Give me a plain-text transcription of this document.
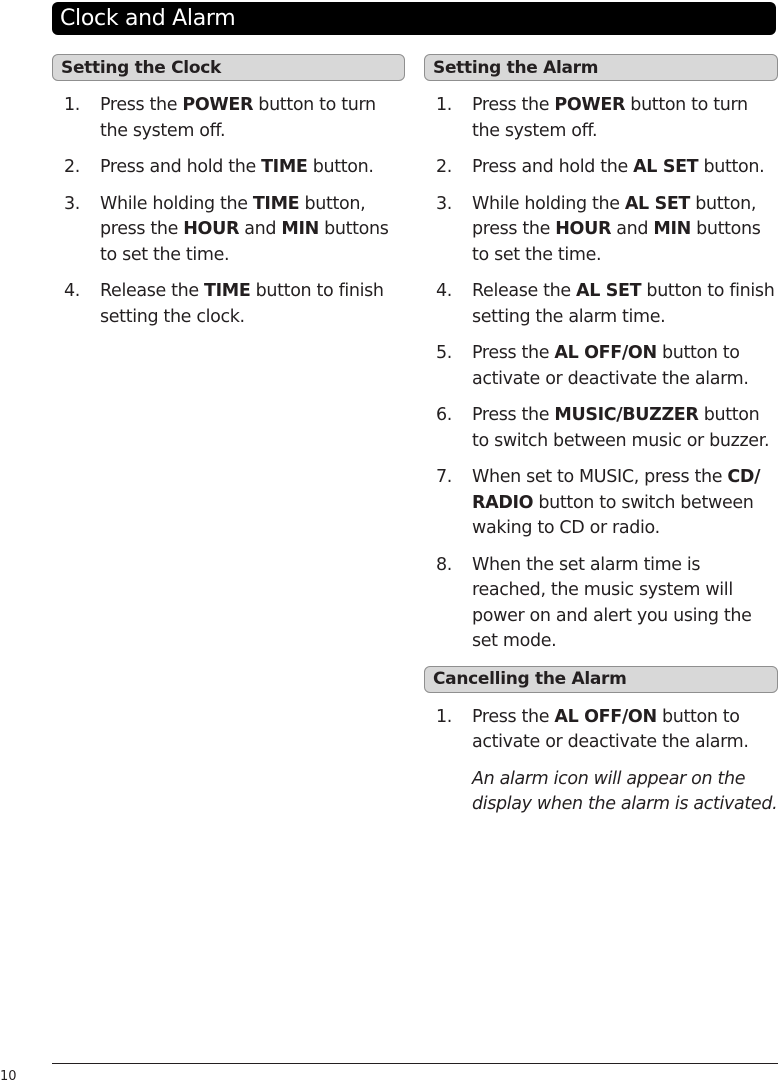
Clock and Alarm
Setting the Clock
1. Press the POWER button to turn the system off.
2. Press and hold the TIME button.
3. While holding the TIME button, press the HOUR and MIN buttons to set the time.
4. Release the TIME button to finish setting the clock.
Setting the Alarm
1. Press the POWER button to turn the system off.
2. Press and hold the AL SET button.
3. While holding the AL SET button, press the HOUR and MIN buttons to set the time.
4. Release the AL SET button to finish setting the alarm time.
5. Press the AL OFF/ON button to activate or deactivate the alarm.
6. Press the MUSIC/BUZZER button to switch between music or buzzer.
7. When set to MUSIC, press the CD/ RADIO button to switch between waking to CD or radio.
8. When the set alarm time is reached, the music system will power on and alert you using the set mode.
Cancelling the Alarm
1. Press the AL OFF/ON button to activate or deactivate the alarm.
An alarm icon will appear on the display when the alarm is activated.
10
